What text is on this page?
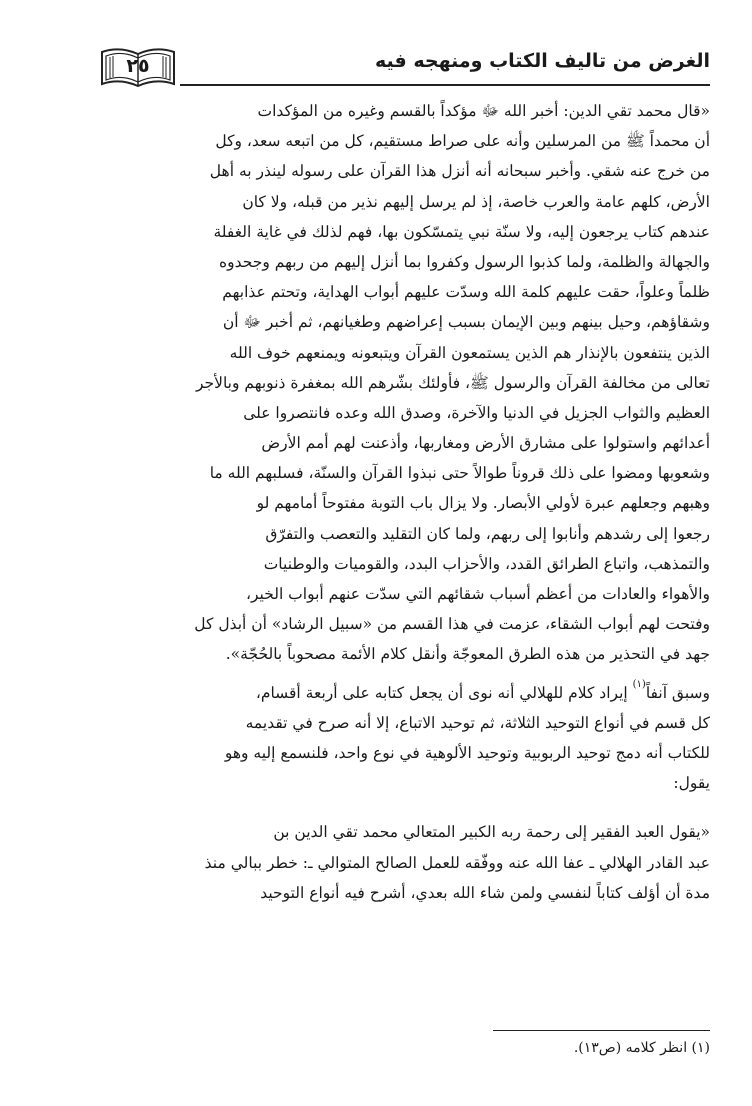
٢٥	الغرض من تاليف الكتاب ومنهجه فيه
«قال محمد تقي الدين: أخبر الله ﷻ مؤكداً بالقسم وغيره من المؤكدات
أن محمداً ﷺ من المرسلين وأنه على صراط مستقيم، كل من اتبعه سعد، وكل
من خرج عنه شقي. وأخبر سبحانه أنه أنزل هذا القرآن على رسوله لينذر به أهل
الأرض، كلهم عامة والعرب خاصة، إذ لم يرسل إليهم نذير من قبله، ولا كان
عندهم كتاب يرجعون إليه، ولا سنّة نبي يتمسّكون بها، فهم لذلك في غاية الغفلة
والجهالة والظلمة، ولما كذبوا الرسول وكفروا بما أنزل إليهم من ربهم وجحدوه
ظلماً وعلواً، حقت عليهم كلمة الله وسدّت عليهم أبواب الهداية، وتحتم عذابهم
وشقاؤهم، وحيل بينهم وبين الإيمان بسبب إعراضهم وطغيانهم، ثم أخبر ﷻ أن
الذين ينتفعون بالإنذار هم الذين يستمعون القرآن ويتبعونه ويمنعهم خوف الله
تعالى من مخالفة القرآن والرسول ﷺ، فأولئك بشّرهم الله بمغفرة ذنوبهم وبالأجر
العظيم والثواب الجزيل في الدنيا والآخرة، وصدق الله وعده فانتصروا على
أعدائهم واستولوا على مشارق الأرض ومغاربها، وأذعنت لهم أمم الأرض
وشعوبها ومضوا على ذلك قروناً طوالاً حتى نبذوا القرآن والسنّة، فسلبهم الله ما
وهبهم وجعلهم عبرة لأولي الأبصار. ولا يزال باب التوبة مفتوحاً أمامهم لو
رجعوا إلى رشدهم وأنابوا إلى ربهم، ولما كان التقليد والتعصب والتفرّق
والتمذهب، واتباع الطرائق القدد، والأحزاب البدد، والقوميات والوطنيات
والأهواء والعادات من أعظم أسباب شقائهم التي سدّت عنهم أبواب الخير،
وفتحت لهم أبواب الشقاء، عزمت في هذا القسم من «سبيل الرشاد» أن أبذل كل
جهد في التحذير من هذه الطرق المعوجّة وأنقل كلام الأئمة مصحوباً بالحُجّة».
وسبق آنفاً$^{(١)}$ إيراد كلام للهلالي أنه نوى أن يجعل كتابه على أربعة أقسام،
كل قسم في أنواع التوحيد الثلاثة، ثم توحيد الاتباع، إلا أنه صرح في تقديمه
للكتاب أنه دمج توحيد الربوبية وتوحيد الألوهية في نوع واحد، فلنسمع إليه وهو
يقول:
«يقول العبد الفقير إلى رحمة ربه الكبير المتعالي محمد تقي الدين بن
عبد القادر الهلالي ـ عفا الله عنه ووفّقه للعمل الصالح المتوالي ـ: خطر ببالي منذ
مدة أن أؤلف كتاباً لنفسي ولمن شاء الله بعدي، أشرح فيه أنواع التوحيد
(١) انظر كلامه (ص١٣).
